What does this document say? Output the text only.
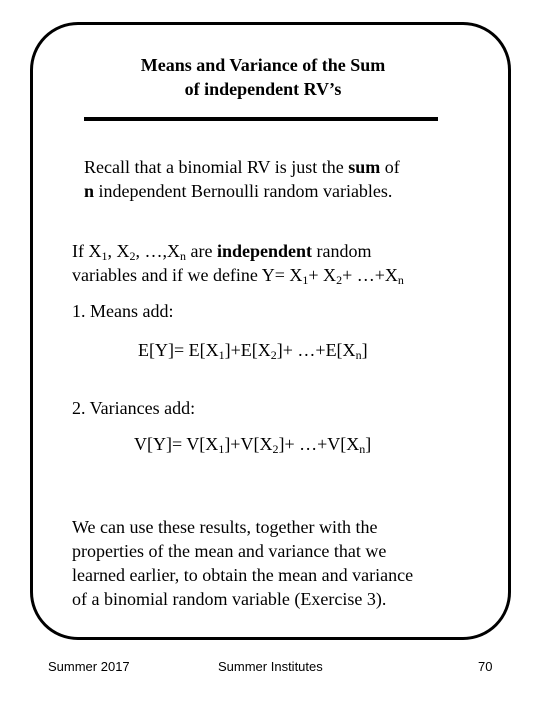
Means and Variance of the Sum
of independent RV’s
Recall that a binomial RV is just the sum of
n independent Bernoulli random variables.
If $X_1$, $X_2$, $\dots,X_n$ are independent random
variables and if we define $Y= X_1+ X_2+$ $\dots+X_n$
1. Means add:
$E[Y]= E[X_1]+E[X_2]+$ $\dots+E[X_n]$
2. Variances add:
$V[Y]= V[X_1]+V[X_2]+$ $\dots+V[X_n]$
We can use these results, together with the
properties of the mean and variance that we
learned earlier, to obtain the mean and variance
of a binomial random variable (Exercise 3).
Summer 2017	Summer Institutes	70
